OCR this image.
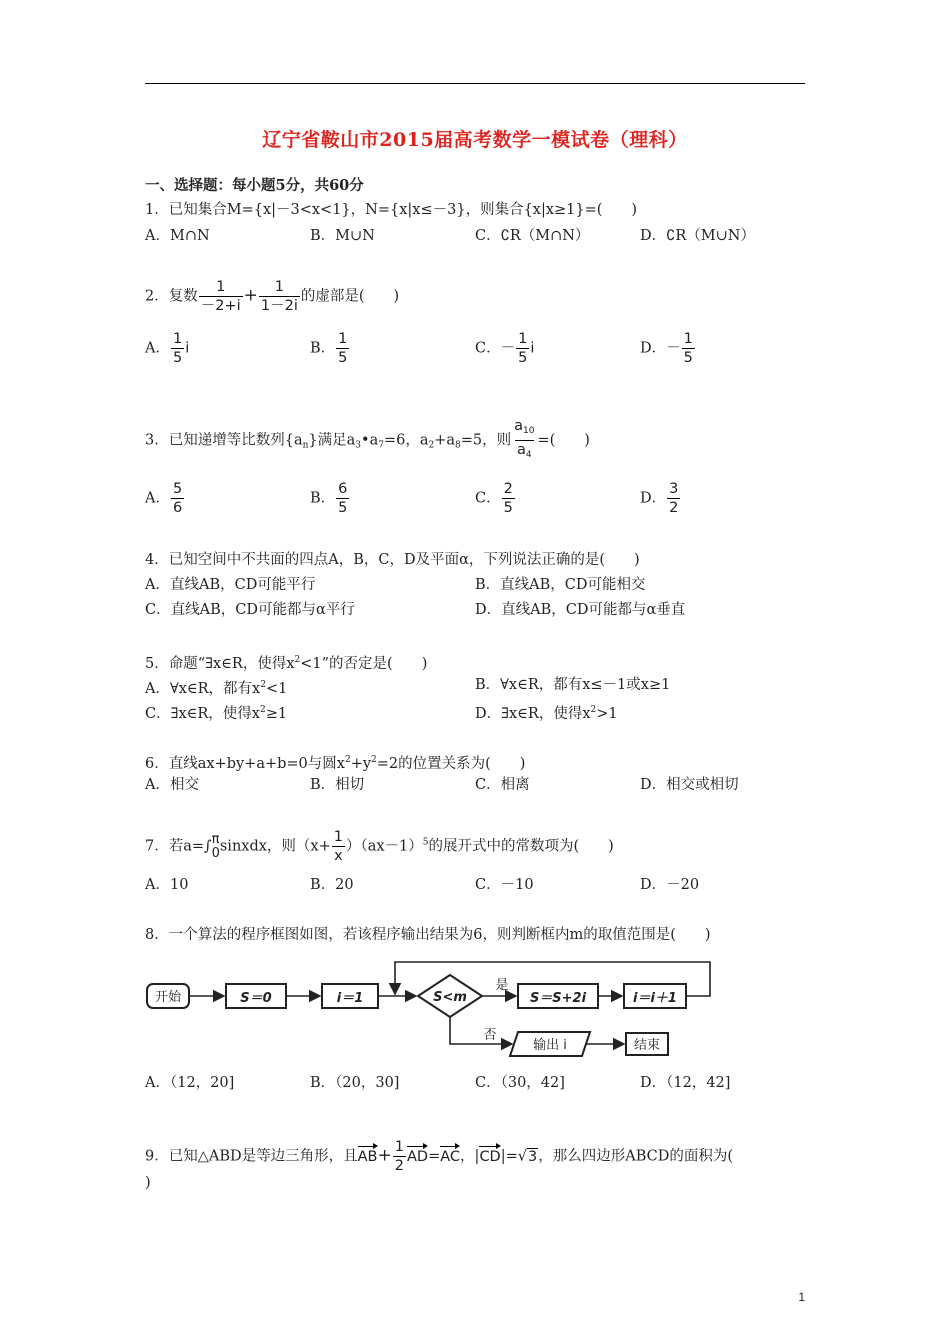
辽宁省鞍山市2015届高考数学一模试卷（理科）
一、选择题：每小题5分，共60分
1．已知集合M={x|－3<x<1}，N={x|x≤－3}，则集合{x|x≥1}=(　　)
A．M∩N	B．M∪N	C．∁R（M∩N）	D．∁R（M∪N）
2．复数 $\frac{1}{-2+i} + \frac{1}{1-2i}$ 的虚部是(　　)
A． $\frac{1}{5}$ i	B． $\frac{1}{5}$	C．－ $\frac{1}{5}$ i	D．－ $\frac{1}{5}$
3．已知递增等比数列$\{a_n\}$满足$a_3•a_7=6$，$a_2+a_8=5$，则 $\frac{a_{10}}{a_4}$ =(　　)
A． $\frac{5}{6}$	B． $\frac{6}{5}$	C． $\frac{2}{5}$	D． $\frac{3}{2}$
4．已知空间中不共面的四点A，B，C，D及平面α，下列说法正确的是(　　)
A．直线AB，CD可能平行	B．直线AB，CD可能相交
C．直线AB，CD可能都与α平行	D．直线AB，CD可能都与α垂直
5．命题“∃x∈R，使得$x^2<1$”的否定是(　　)
A．∀x∈R，都有$x^2<1$	B．∀x∈R，都有x≤－1或x≥1
C．∃x∈R，使得$x^2\ge 1$	D．∃x∈R，使得$x^2>1$
6．直线ax+by+a+b=0与圆$x^2+y^2=2$的位置关系为(　　)
A．相交	B．相切	C．相离	D．相交或相切
7．若a=∫ π
0 sinxdx，则$(x+ \frac{1}{x} )(ax-1)^5$的展开式中的常数项为(　　)
A．10	B．20	C．－10	D．－20
8．一个算法的程序框图如图，若该程序输出结果为6，则判断框内m的取值范围是(　　)
开始	S＝0	i＝1	S<m
是
S＝S+2i	i＝i＋1
否
输出 i	结束
A．（12，20]	B．（20，30]	C．（30，42]	D．（12，42]
9．已知△ABD是等边三角形，且$AB+ \frac{1}{2} AD=AC$，|CD|=√3，那么四边形ABCD的面积为(
)
1
